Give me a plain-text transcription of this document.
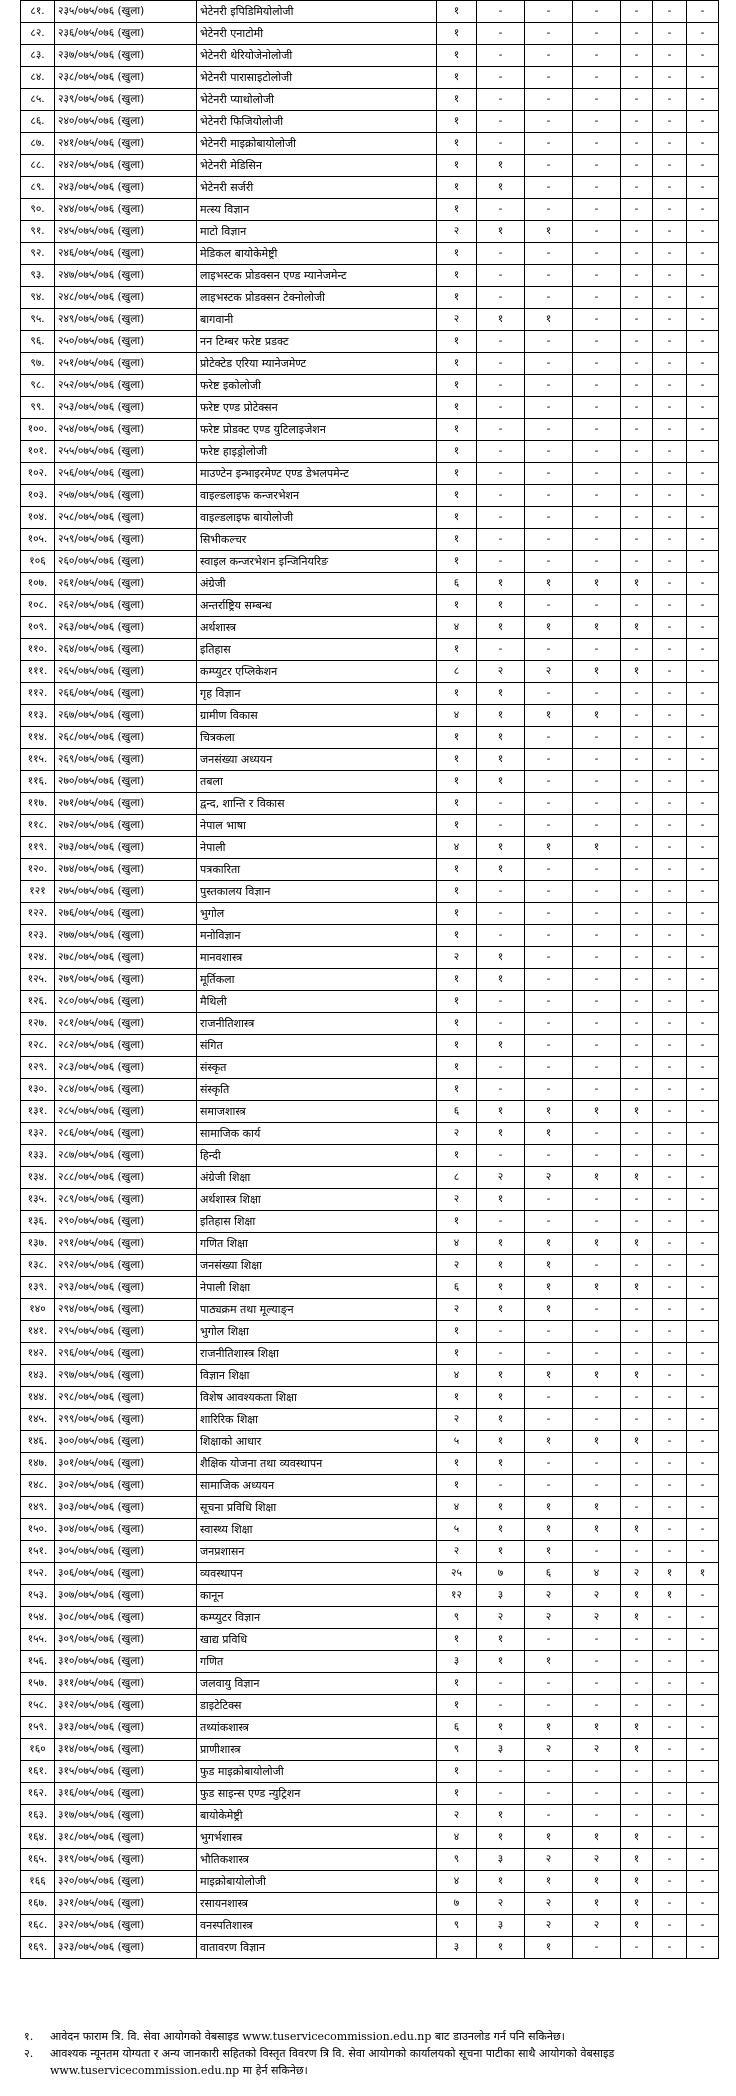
८१.	२३५/०७५/०७६ (खुला)	भेटेनरी इपिडिमियोलोजी	१	-	-	-	-	-	-
८२.	२३६/०७५/०७६ (खुला)	भेटेनरी एनाटोमी	१	-	-	-	-	-	-
८३.	२३७/०७५/०७६ (खुला)	भेटेनरी थेरियोजेनोलोजी	१	-	-	-	-	-	-
८४.	२३८/०७५/०७६ (खुला)	भेटेनरी पारासाइटोलोजी	१	-	-	-	-	-	-
८५.	२३९/०७५/०७६ (खुला)	भेटेनरी प्याथोलोजी	१	-	-	-	-	-	-
८६.	२४०/०७५/०७६ (खुला)	भेटेनरी फिजियोलोजी	१	-	-	-	-	-	-
८७.	२४१/०७५/०७६ (खुला)	भेटेनरी माइक्रोबायोलोजी	१	-	-	-	-	-	-
८८.	२४२/०७५/०७६ (खुला)	भेटेनरी मेडिसिन	१	१	-	-	-	-	-
८९.	२४३/०७५/०७६ (खुला)	भेटेनरी सर्जरी	१	१	-	-	-	-	-
९०.	२४४/०७५/०७६ (खुला)	मत्स्य विज्ञान	१	-	-	-	-	-	-
९१.	२४५/०७५/०७६ (खुला)	माटो विज्ञान	२	१	१	-	-	-	-
९२.	२४६/०७५/०७६ (खुला)	मेडिकल बायोकेमेष्ट्री	१	-	-	-	-	-	-
९३.	२४७/०७५/०७६ (खुला)	लाइभस्टक प्रोडक्सन एण्ड म्यानेजमेन्ट	१	-	-	-	-	-	-
९४.	२४८/०७५/०७६ (खुला)	लाइभस्टक प्रोडक्सन टेक्नोलोजी	१	-	-	-	-	-	-
९५.	२४९/०७५/०७६ (खुला)	बागवानी	२	१	१	-	-	-	-
९६.	२५०/०७५/०७६ (खुला)	नन टिम्बर फरेष्ट प्रडक्ट	१	-	-	-	-	-	-
९७.	२५१/०७५/०७६ (खुला)	प्रोटेक्टेड एरिया म्यानेजमेण्ट	१	-	-	-	-	-	-
९८.	२५२/०७५/०७६ (खुला)	फरेष्ट इकोलोजी	१	-	-	-	-	-	-
९९.	२५३/०७५/०७६ (खुला)	फरेष्ट एण्ड प्रोटेक्सन	१	-	-	-	-	-	-
१००.	२५४/०७५/०७६ (खुला)	फरेष्ट प्रोडक्ट एण्ड युटिलाइजेशन	१	-	-	-	-	-	-
१०१.	२५५/०७५/०७६ (खुला)	फरेष्ट हाइड्रोलोजी	१	-	-	-	-	-	-
१०२.	२५६/०७५/०७६ (खुला)	माउण्टेन इन्भाइरमेण्ट एण्ड डेभलपमेन्ट	१	-	-	-	-	-	-
१०३.	२५७/०७५/०७६ (खुला)	वाइल्डलाइफ कन्जरभेशन	१	-	-	-	-	-	-
१०४.	२५८/०७५/०७६ (खुला)	वाइल्डलाइफ बायोलोजी	१	-	-	-	-	-	-
१०५.	२५९/०७५/०७६ (खुला)	सिभीकल्चर	१	-	-	-	-	-	-
१०६	२६०/०७५/०७६ (खुला)	स्वाइल कन्जरभेशन इन्जिनियरिङ	१	-	-	-	-	-	-
१०७.	२६१/०७५/०७६ (खुला)	अंग्रेजी	६	१	१	१	१	-	-
१०८.	२६२/०७५/०७६ (खुला)	अन्तर्राष्ट्रिय सम्बन्ध	१	१	-	-	-	-	-
१०९.	२६३/०७५/०७६ (खुला)	अर्थशास्त्र	४	१	१	१	१	-	-
११०.	२६४/०७५/०७६ (खुला)	इतिहास	१	-	-	-	-	-	-
१११.	२६५/०७५/०७६ (खुला)	कम्प्युटर एप्लिकेशन	८	२	२	१	१	-	-
११२.	२६६/०७५/०७६ (खुला)	गृह विज्ञान	१	१	-	-	-	-	-
११३.	२६७/०७५/०७६ (खुला)	ग्रामीण विकास	४	१	१	१	-	-	-
११४.	२६८/०७५/०७६ (खुला)	चित्रकला	१	१	-	-	-	-	-
११५.	२६९/०७५/०७६ (खुला)	जनसंख्या अध्ययन	१	१	-	-	-	-	-
११६.	२७०/०७५/०७६ (खुला)	तबला	१	१	-	-	-	-	-
११७.	२७१/०७५/०७६ (खुला)	द्वन्द, शान्ति र विकास	१	-	-	-	-	-	-
११८.	२७२/०७५/०७६ (खुला)	नेपाल भाषा	१	-	-	-	-	-	-
११९.	२७३/०७५/०७६ (खुला)	नेपाली	४	१	१	१	-	-	-
१२०.	२७४/०७५/०७६ (खुला)	पत्रकारिता	१	१	-	-	-	-	-
१२१	२७५/०७५/०७६ (खुला)	पुस्तकालय विज्ञान	१	-	-	-	-	-	-
१२२.	२७६/०७५/०७६ (खुला)	भुगोल	१	-	-	-	-	-	-
१२३.	२७७/०७५/०७६ (खुला)	मनोविज्ञान	१	-	-	-	-	-	-
१२४.	२७८/०७५/०७६ (खुला)	मानवशास्त्र	२	१	-	-	-	-	-
१२५.	२७९/०७५/०७६ (खुला)	मूर्तिकला	१	१	-	-	-	-	-
१२६.	२८०/०७५/०७६ (खुला)	मैथिली	१	-	-	-	-	-	-
१२७.	२८१/०७५/०७६ (खुला)	राजनीतिशास्त्र	१	-	-	-	-	-	-
१२८.	२८२/०७५/०७६ (खुला)	संगित	१	१	-	-	-	-	-
१२९.	२८३/०७५/०७६ (खुला)	संस्कृत	१	-	-	-	-	-	-
१३०.	२८४/०७५/०७६ (खुला)	संस्कृति	१	-	-	-	-	-	-
१३१.	२८५/०७५/०७६ (खुला)	समाजशास्त्र	६	१	१	१	१	-	-
१३२.	२८६/०७५/०७६ (खुला)	सामाजिक कार्य	२	१	१	-	-	-	-
१३३.	२८७/०७५/०७६ (खुला)	हिन्दी	१	-	-	-	-	-	-
१३४.	२८८/०७५/०७६ (खुला)	अंग्रेजी शिक्षा	८	२	२	१	१	-	-
१३५.	२८९/०७५/०७६ (खुला)	अर्थशास्त्र शिक्षा	२	१	-	-	-	-	-
१३६.	२९०/०७५/०७६ (खुला)	इतिहास शिक्षा	१	-	-	-	-	-	-
१३७.	२९१/०७५/०७६ (खुला)	गणित शिक्षा	४	१	१	१	१	-	-
१३८.	२९२/०७५/०७६ (खुला)	जनसंख्या शिक्षा	२	१	१	-	-	-	-
१३९.	२९३/०७५/०७६ (खुला)	नेपाली शिक्षा	६	१	१	१	१	-	-
१४०	२९४/०७५/०७६ (खुला)	पाठ्यक्रम तथा मूल्याङ्न	२	१	१	-	-	-	-
१४१.	२९५/०७५/०७६ (खुला)	भुगोल शिक्षा	१	-	-	-	-	-	-
१४२.	२९६/०७५/०७६ (खुला)	राजनीतिशास्त्र शिक्षा	१	-	-	-	-	-	-
१४३.	२९७/०७५/०७६ (खुला)	विज्ञान शिक्षा	४	१	१	१	१	-	-
१४४.	२९८/०७५/०७६ (खुला)	विशेष आवश्यकता शिक्षा	१	१	-	-	-	-	-
१४५.	२९९/०७५/०७६ (खुला)	शारिरिक शिक्षा	२	१	-	-	-	-	-
१४६.	३००/०७५/०७६ (खुला)	शिक्षाको आधार	५	१	१	१	१	-	-
१४७.	३०१/०७५/०७६ (खुला)	शैक्षिक योजना तथा व्यवस्थापन	१	१	-	-	-	-	-
१४८.	३०२/०७५/०७६ (खुला)	सामाजिक अध्ययन	१	-	-	-	-	-	-
१४९.	३०३/०७५/०७६ (खुला)	सूचना प्रविधि शिक्षा	४	१	१	१	-	-	-
१५०.	३०४/०७५/०७६ (खुला)	स्वास्थ्य शिक्षा	५	१	१	१	१	-	-
१५१.	३०५/०७५/०७६ (खुला)	जनप्रशासन	२	१	१	-	-	-	-
१५२.	३०६/०७५/०७६ (खुला)	व्यवस्थापन	२५	७	६	४	२	१	१
१५३.	३०७/०७५/०७६ (खुला)	कानून	१२	३	२	२	१	१	-
१५४.	३०८/०७५/०७६ (खुला)	कम्प्युटर विज्ञान	९	२	२	२	१	-	-
१५५.	३०९/०७५/०७६ (खुला)	खाद्य प्रविधि	१	१	-	-	-	-	-
१५६.	३१०/०७५/०७६ (खुला)	गणित	३	१	१	-	-	-	-
१५७.	३११/०७५/०७६ (खुला)	जलवायु विज्ञान	१	-	-	-	-	-	-
१५८.	३१२/०७५/०७६ (खुला)	डाइटेटिक्स	१	-	-	-	-	-	-
१५९.	३१३/०७५/०७६ (खुला)	तथ्यांकशास्त्र	६	१	१	१	१	-	-
१६०	३१४/०७५/०७६ (खुला)	प्राणीशास्त्र	९	३	२	२	१	-	-
१६१.	३१५/०७५/०७६ (खुला)	फुड माइक्रोबायोलोजी	१	-	-	-	-	-	-
१६२.	३१६/०७५/०७६ (खुला)	फुड साइन्स एण्ड न्युट्रिशन	१	-	-	-	-	-	-
१६३.	३१७/०७५/०७६ (खुला)	बायोकेमेष्ट्री	२	१	-	-	-	-	-
१६४.	३१८/०७५/०७६ (खुला)	भुगर्भशास्त्र	४	१	१	१	१	-	-
१६५.	३१९/०७५/०७६ (खुला)	भौतिकशास्त्र	९	३	२	२	१	-	-
१६६	३२०/०७५/०७६ (खुला)	माइक्रोबायोलोजी	४	१	१	१	१	-	-
१६७.	३२१/०७५/०७६ (खुला)	रसायनशास्त्र	७	२	२	१	१	-	-
१६८.	३२२/०७५/०७६ (खुला)	वनस्पतिशास्त्र	९	३	२	२	१	-	-
१६९.	३२३/०७५/०७६ (खुला)	वातावरण विज्ञान	३	१	१	-	-	-	-
१.	आवेदन फाराम त्रि. वि. सेवा आयोगको वेबसाइड www.tuservicecommission.edu.np बाट डाउनलोड गर्न पनि सकिनेछ।
२.	आवश्यक न्यूनतम योग्यता र अन्य जानकारी सहितको विस्तृत विवरण त्रि वि. सेवा आयोगको कार्यालयको सूचना पाटीका साथै आयोगको वेबसाइड www.tuservicecommission.edu.np मा हेर्न सकिनेछ।
